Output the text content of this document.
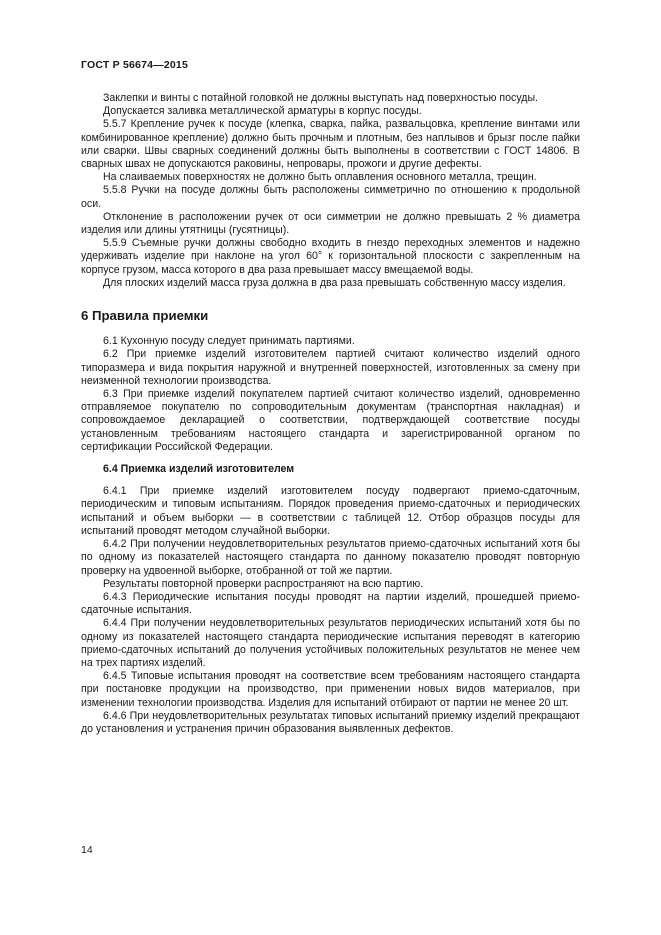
ГОСТ Р 56674—2015

Заклепки и винты с потайной головкой не должны выступать над поверхностью посуды.

Допускается заливка металлической арматуры в корпус посуды.

5.5.7 Крепление ручек к посуде (клепка, сварка, пайка, развальцовка, крепление винтами или комбинированное крепление) должно быть прочным и плотным, без наплывов и брызг после пайки или сварки. Швы сварных соединений должны быть выполнены в соответствии с ГОСТ 14806. В сварных швах не допускаются раковины, непровары, прожоги и другие дефекты.

На слаиваемых поверхностях не должно быть оплавления основного металла, трещин.

5.5.8 Ручки на посуде должны быть расположены симметрично по отношению к продольной оси.

Отклонение в расположении ручек от оси симметрии не должно превышать 2 % диаметра изделия или длины утятницы (гусятницы).

5.5.9 Съемные ручки должны свободно входить в гнездо переходных элементов и надежно удерживать изделие при наклоне на угол 60° к горизонтальной плоскости с закрепленным на корпусе грузом, масса которого в два раза превышает массу вмещаемой воды.

Для плоских изделий масса груза должна в два раза превышать собственную массу изделия.

6 Правила приемки

6.1 Кухонную посуду следует принимать партиями.

6.2 При приемке изделий изготовителем партией считают количество изделий одного типоразмера и вида покрытия наружной и внутренней поверхностей, изготовленных за смену при неизменной технологии производства.

6.3 При приемке изделий покупателем партией считают количество изделий, одновременно отправляемое покупателю по сопроводительным документам (транспортная накладная) и сопровождаемое декларацией о соответствии, подтверждающей соответствие посуды установленным требованиям настоящего стандарта и зарегистрированной органом по сертификации Российской Федерации.

6.4 Приемка изделий изготовителем

6.4.1 При приемке изделий изготовителем посуду подвергают приемо-сдаточным, периодическим и типовым испытаниям. Порядок проведения приемо-сдаточных и периодических испытаний и объем выборки — в соответствии с таблицей 12. Отбор образцов посуды для испытаний проводят методом случайной выборки.

6.4.2 При получении неудовлетворительных результатов приемо-сдаточных испытаний хотя бы по одному из показателей настоящего стандарта по данному показателю проводят повторную проверку на удвоенной выборке, отобранной от той же партии.

Результаты повторной проверки распространяют на всю партию.

6.4.3 Периодические испытания посуды проводят на партии изделий, прошедшей приемо-сдаточные испытания.

6.4.4 При получении неудовлетворительных результатов периодических испытаний хотя бы по одному из показателей настоящего стандарта периодические испытания переводят в категорию приемо-сдаточных испытаний до получения устойчивых положительных результатов не менее чем на трех партиях изделий.

6.4.5 Типовые испытания проводят на соответствие всем требованиям настоящего стандарта при постановке продукции на производство, при применении новых видов материалов, при изменении технологии производства. Изделия для испытаний отбирают от партии не менее 20 шт.

6.4.6 При неудовлетворительных результатах типовых испытаний приемку изделий прекращают до установления и устранения причин образования выявленных дефектов.

14
